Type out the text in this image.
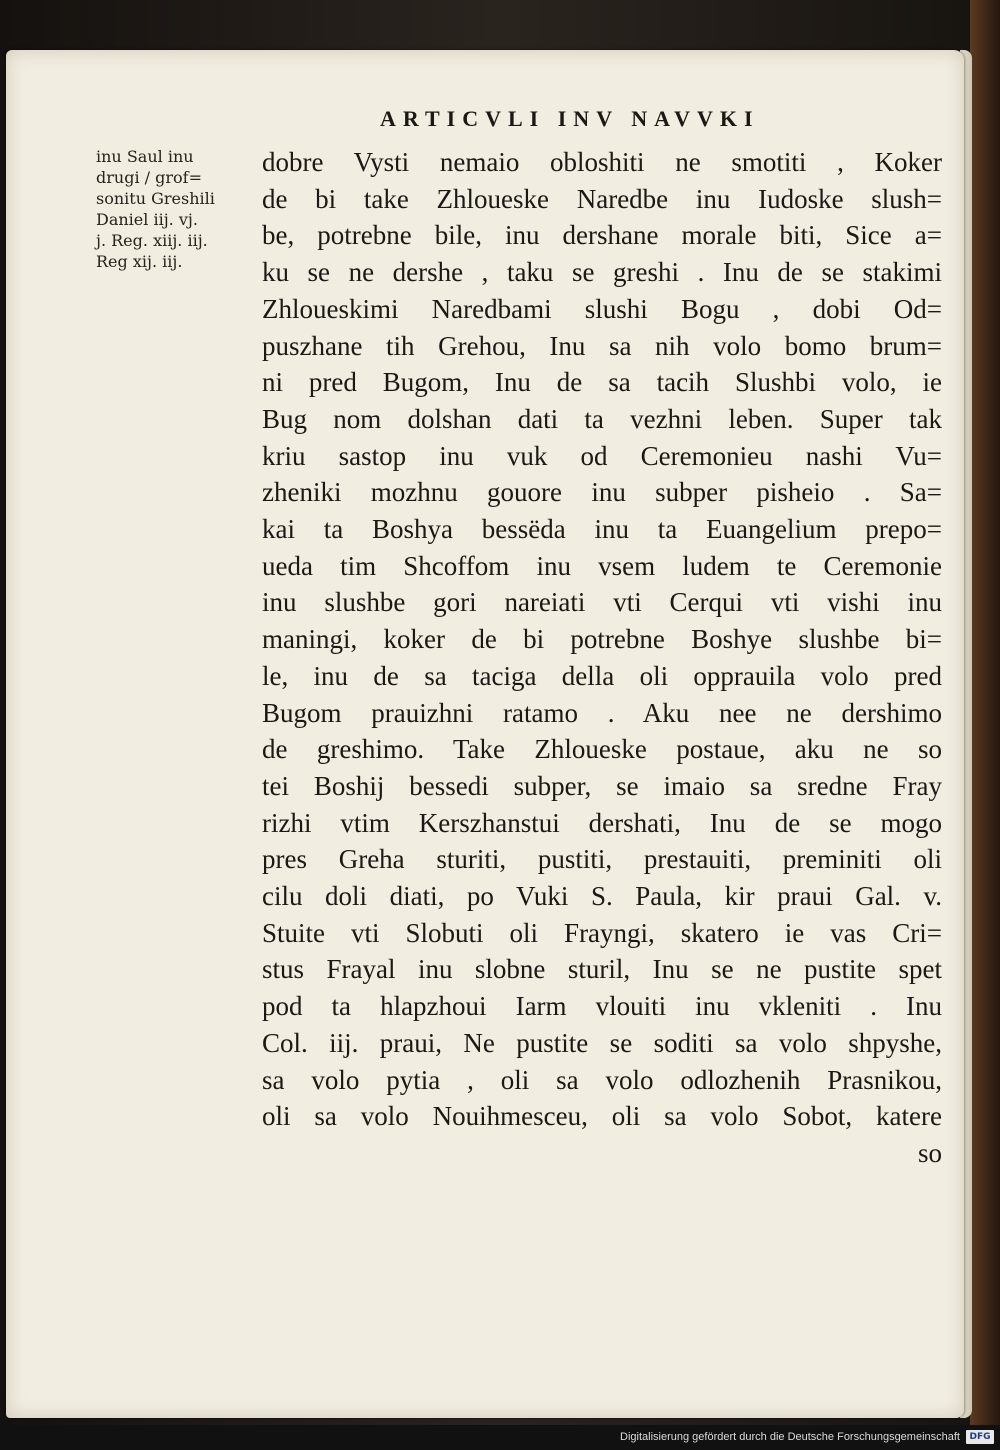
ARTICVLI INV NAVVKI
inu Saul inu
drugi / grof=
sonitu Greshili
Daniel iij. vj.
j. Reg. xiij. iij.
Reg xij. iij.
dobre Vysti nemaio obloshiti ne smotiti , Koker
de bi take Zhloueske Naredbe inu Iudoske slush=
be, potrebne bile, inu dershane morale biti, Sice a=
ku se ne dershe , taku se greshi . Inu de se stakimi
Zhloueskimi Naredbami slushi Bogu , dobi Od=
puszhane tih Grehou, Inu sa nih volo bomo brum=
ni pred Bugom, Inu de sa tacih Slushbi volo, ie
Bug nom dolshan dati ta vezhni leben. Super tak
kriu sastop inu vuk od Ceremonieu nashi Vu=
zheniki mozhnu gouore inu subper pisheio . Sa=
kai ta Boshya bessëda inu ta Euangelium prepo=
ueda tim Shcoffom inu vsem ludem te Ceremonie
inu slushbe gori nareiati vti Cerqui vti vishi inu
maningi, koker de bi potrebne Boshye slushbe bi=
le, inu de sa taciga della oli opprauila volo pred
Bugom prauizhni ratamo . Aku nee ne dershimo
de greshimo. Take Zhloueske postaue, aku ne so
tei Boshij bessedi subper, se imaio sa sredne Fray
rizhi vtim Kerszhanstui dershati, Inu de se mogo
pres Greha sturiti, pustiti, prestauiti, preminiti oli
cilu doli diati, po Vuki S. Paula, kir praui Gal. v.
Stuite vti Slobuti oli Frayngi, skatero ie vas Cri=
stus Frayal inu slobne sturil, Inu se ne pustite spet
pod ta hlapzhoui Iarm vlouiti inu vkleniti . Inu
Col. iij. praui, Ne pustite se soditi sa volo shpyshe,
sa volo pytia , oli sa volo odlozhenih Prasnikou,
oli sa volo Nouihmesceu, oli sa volo Sobot, katere
so
Digitalisierung gefördert durch die Deutsche Forschungsgemeinschaft	DFG
